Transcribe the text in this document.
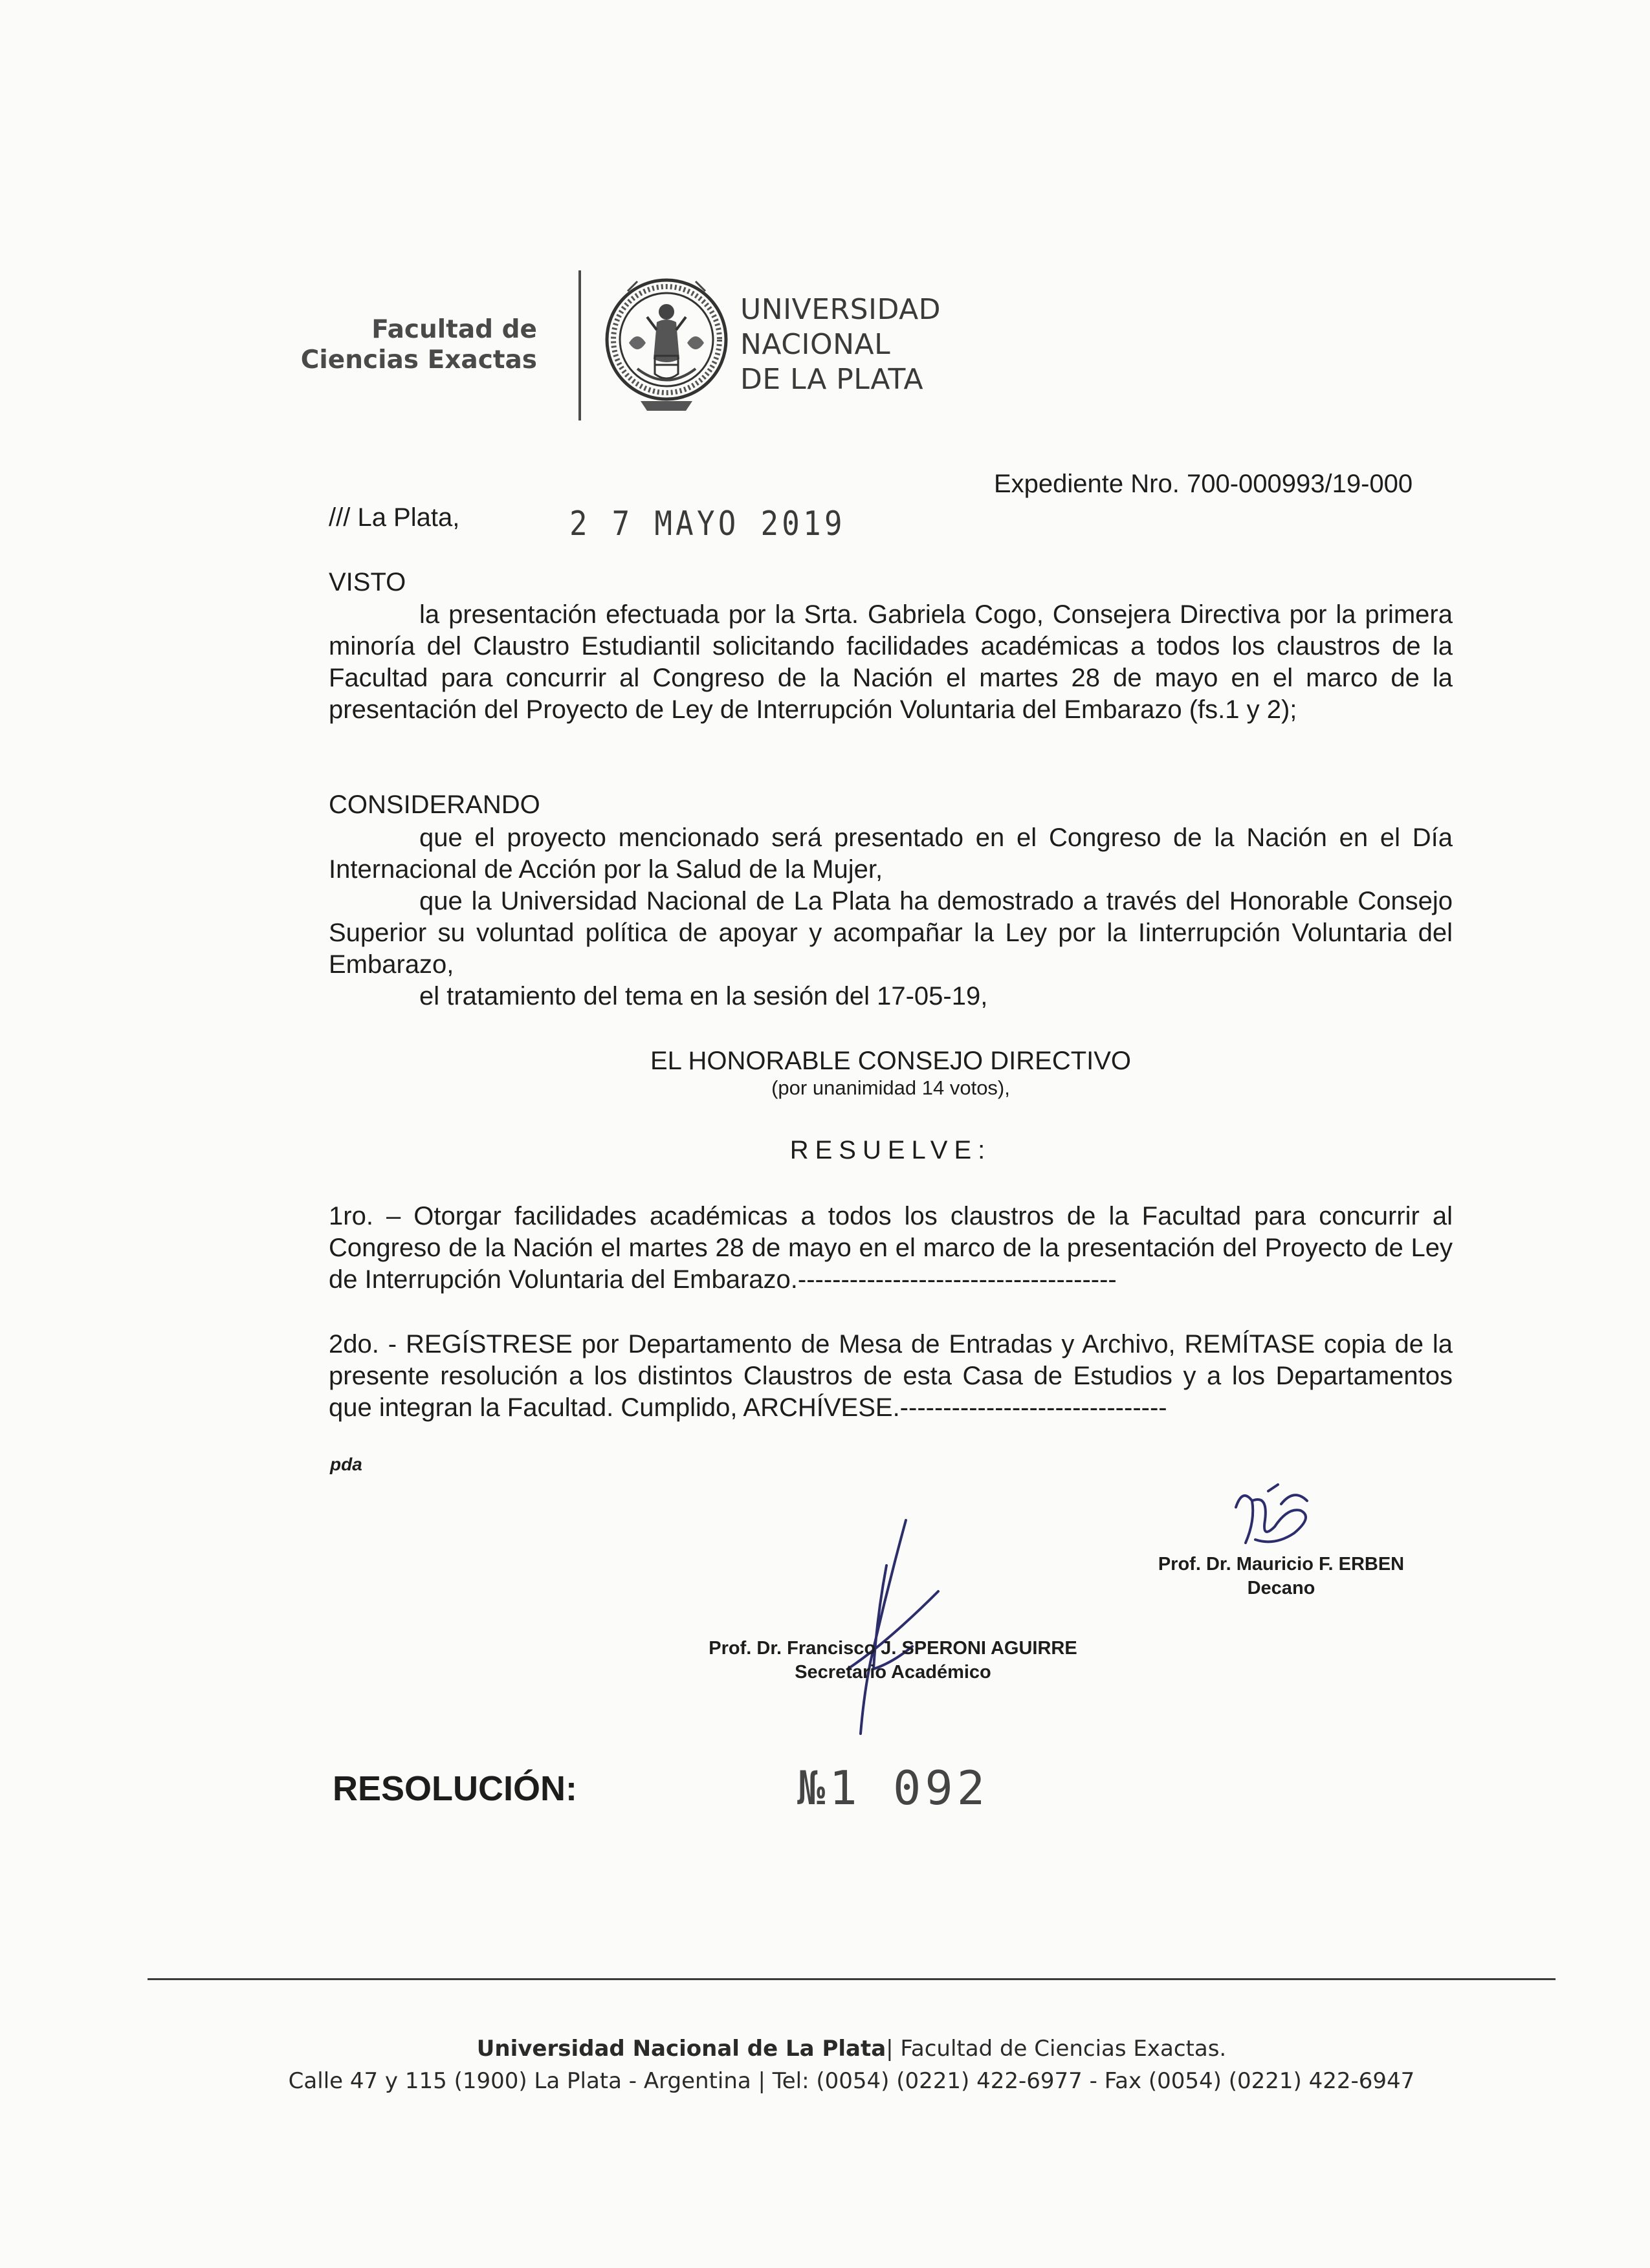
Facultad de
Ciencias Exactas
UNIVERSIDAD
NACIONAL
DE LA PLATA
Expediente Nro. 700-000993/19-000
/// La Plata,	2 7 MAYO 2019
VISTO
la presentación efectuada por la Srta. Gabriela Cogo, Consejera Directiva por la primera minoría del Claustro Estudiantil solicitando facilidades académicas a todos los claustros de la Facultad para concurrir al Congreso de la Nación el martes 28 de mayo en el marco de la presentación del Proyecto de Ley de Interrupción Voluntaria del Embarazo (fs.1 y 2);
CONSIDERANDO
que el proyecto mencionado será presentado en el Congreso de la Nación en el Día Internacional de Acción por la Salud de la Mujer,
que la Universidad Nacional de La Plata ha demostrado a través del Honorable Consejo Superior su voluntad política de apoyar y acompañar la Ley por la Iinterrupción Voluntaria del Embarazo,
el tratamiento del tema en la sesión del 17-05-19,
EL HONORABLE CONSEJO DIRECTIVO
(por unanimidad 14 votos),
RESUELVE:
1ro. – Otorgar facilidades académicas a todos los claustros de la Facultad para concurrir al Congreso de la Nación el martes 28 de mayo en el marco de la presentación del Proyecto de Ley de Interrupción Voluntaria del Embarazo.-------------------------------------
2do. - REGÍSTRESE por Departamento de Mesa de Entradas y Archivo, REMÍTASE copia de la presente resolución a los distintos Claustros de esta Casa de Estudios y a los Departamentos que integran la Facultad. Cumplido, ARCHÍVESE.-------------------------------
pda
Prof. Dr. Mauricio F. ERBEN
Decano
Prof. Dr. Francisco J. SPERONI AGUIRRE
Secretario Académico
RESOLUCIÓN:	№1 092
Universidad Nacional de La Plata| Facultad de Ciencias Exactas.
Calle 47 y 115 (1900) La Plata - Argentina | Tel: (0054) (0221) 422-6977 - Fax (0054) (0221) 422-6947
